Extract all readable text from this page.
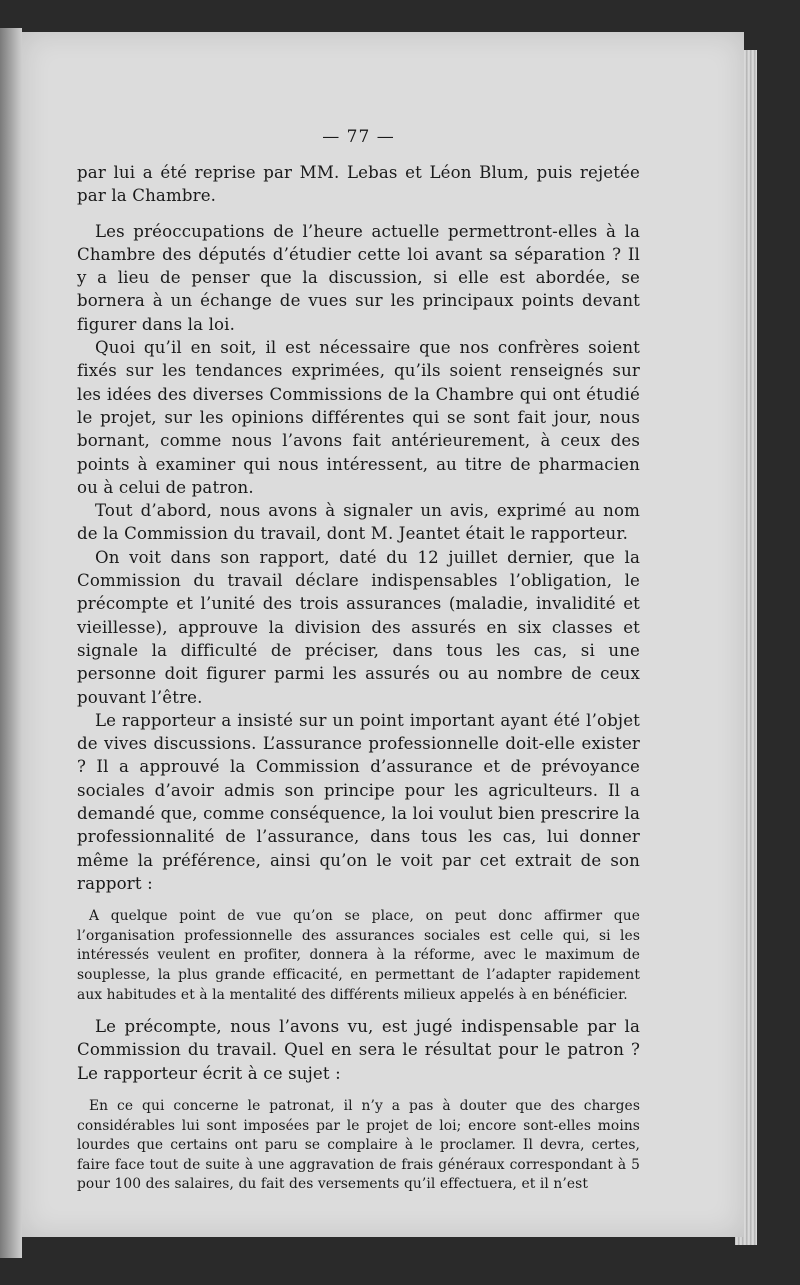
— 77 —

par lui a été reprise par MM. Lebas et Léon Blum, puis rejetée par la Chambre.

Les préoccupations de l’heure actuelle permettront-elles à la Chambre des députés d’étudier cette loi avant sa séparation ? Il y a lieu de penser que la discussion, si elle est abordée, se bornera à un échange de vues sur les principaux points devant figurer dans la loi.

Quoi qu’il en soit, il est nécessaire que nos confrères soient fixés sur les tendances exprimées, qu’ils soient renseignés sur les idées des diverses Commissions de la Chambre qui ont étudié le projet, sur les opinions différentes qui se sont fait jour, nous bornant, comme nous l’avons fait antérieurement, à ceux des points à examiner qui nous intéressent, au titre de pharmacien ou à celui de patron.

Tout d’abord, nous avons à signaler un avis, exprimé au nom de la Commission du travail, dont M. Jeantet était le rapporteur.

On voit dans son rapport, daté du 12 juillet dernier, que la Commission du travail déclare indispensables l’obligation, le précompte et l’unité des trois assurances (maladie, invalidité et vieillesse), approuve la division des assurés en six classes et signale la difficulté de préciser, dans tous les cas, si une personne doit figurer parmi les assurés ou au nombre de ceux pouvant l’être.

Le rapporteur a insisté sur un point important ayant été l’objet de vives discussions. L’assurance professionnelle doit-elle exister ? Il a approuvé la Commission d’assurance et de prévoyance sociales d’avoir admis son principe pour les agriculteurs. Il a demandé que, comme conséquence, la loi voulut bien prescrire la professionnalité de l’assurance, dans tous les cas, lui donner même la préférence, ainsi qu’on le voit par cet extrait de son rapport :

A quelque point de vue qu’on se place, on peut donc affirmer que l’organisation professionnelle des assurances sociales est celle qui, si les intéressés veulent en profiter, donnera à la réforme, avec le maximum de souplesse, la plus grande efficacité, en permettant de l’adapter rapidement aux habitudes et à la mentalité des différents milieux appelés à en bénéficier.

Le précompte, nous l’avons vu, est jugé indispensable par la Commission du travail. Quel en sera le résultat pour le patron ? Le rapporteur écrit à ce sujet :

En ce qui concerne le patronat, il n’y a pas à douter que des charges considérables lui sont imposées par le projet de loi; encore sont-elles moins lourdes que certains ont paru se complaire à le proclamer. Il devra, certes, faire face tout de suite à une aggravation de frais généraux correspondant à 5 pour 100 des salaires, du fait des versements qu’il effectuera, et il n’est
